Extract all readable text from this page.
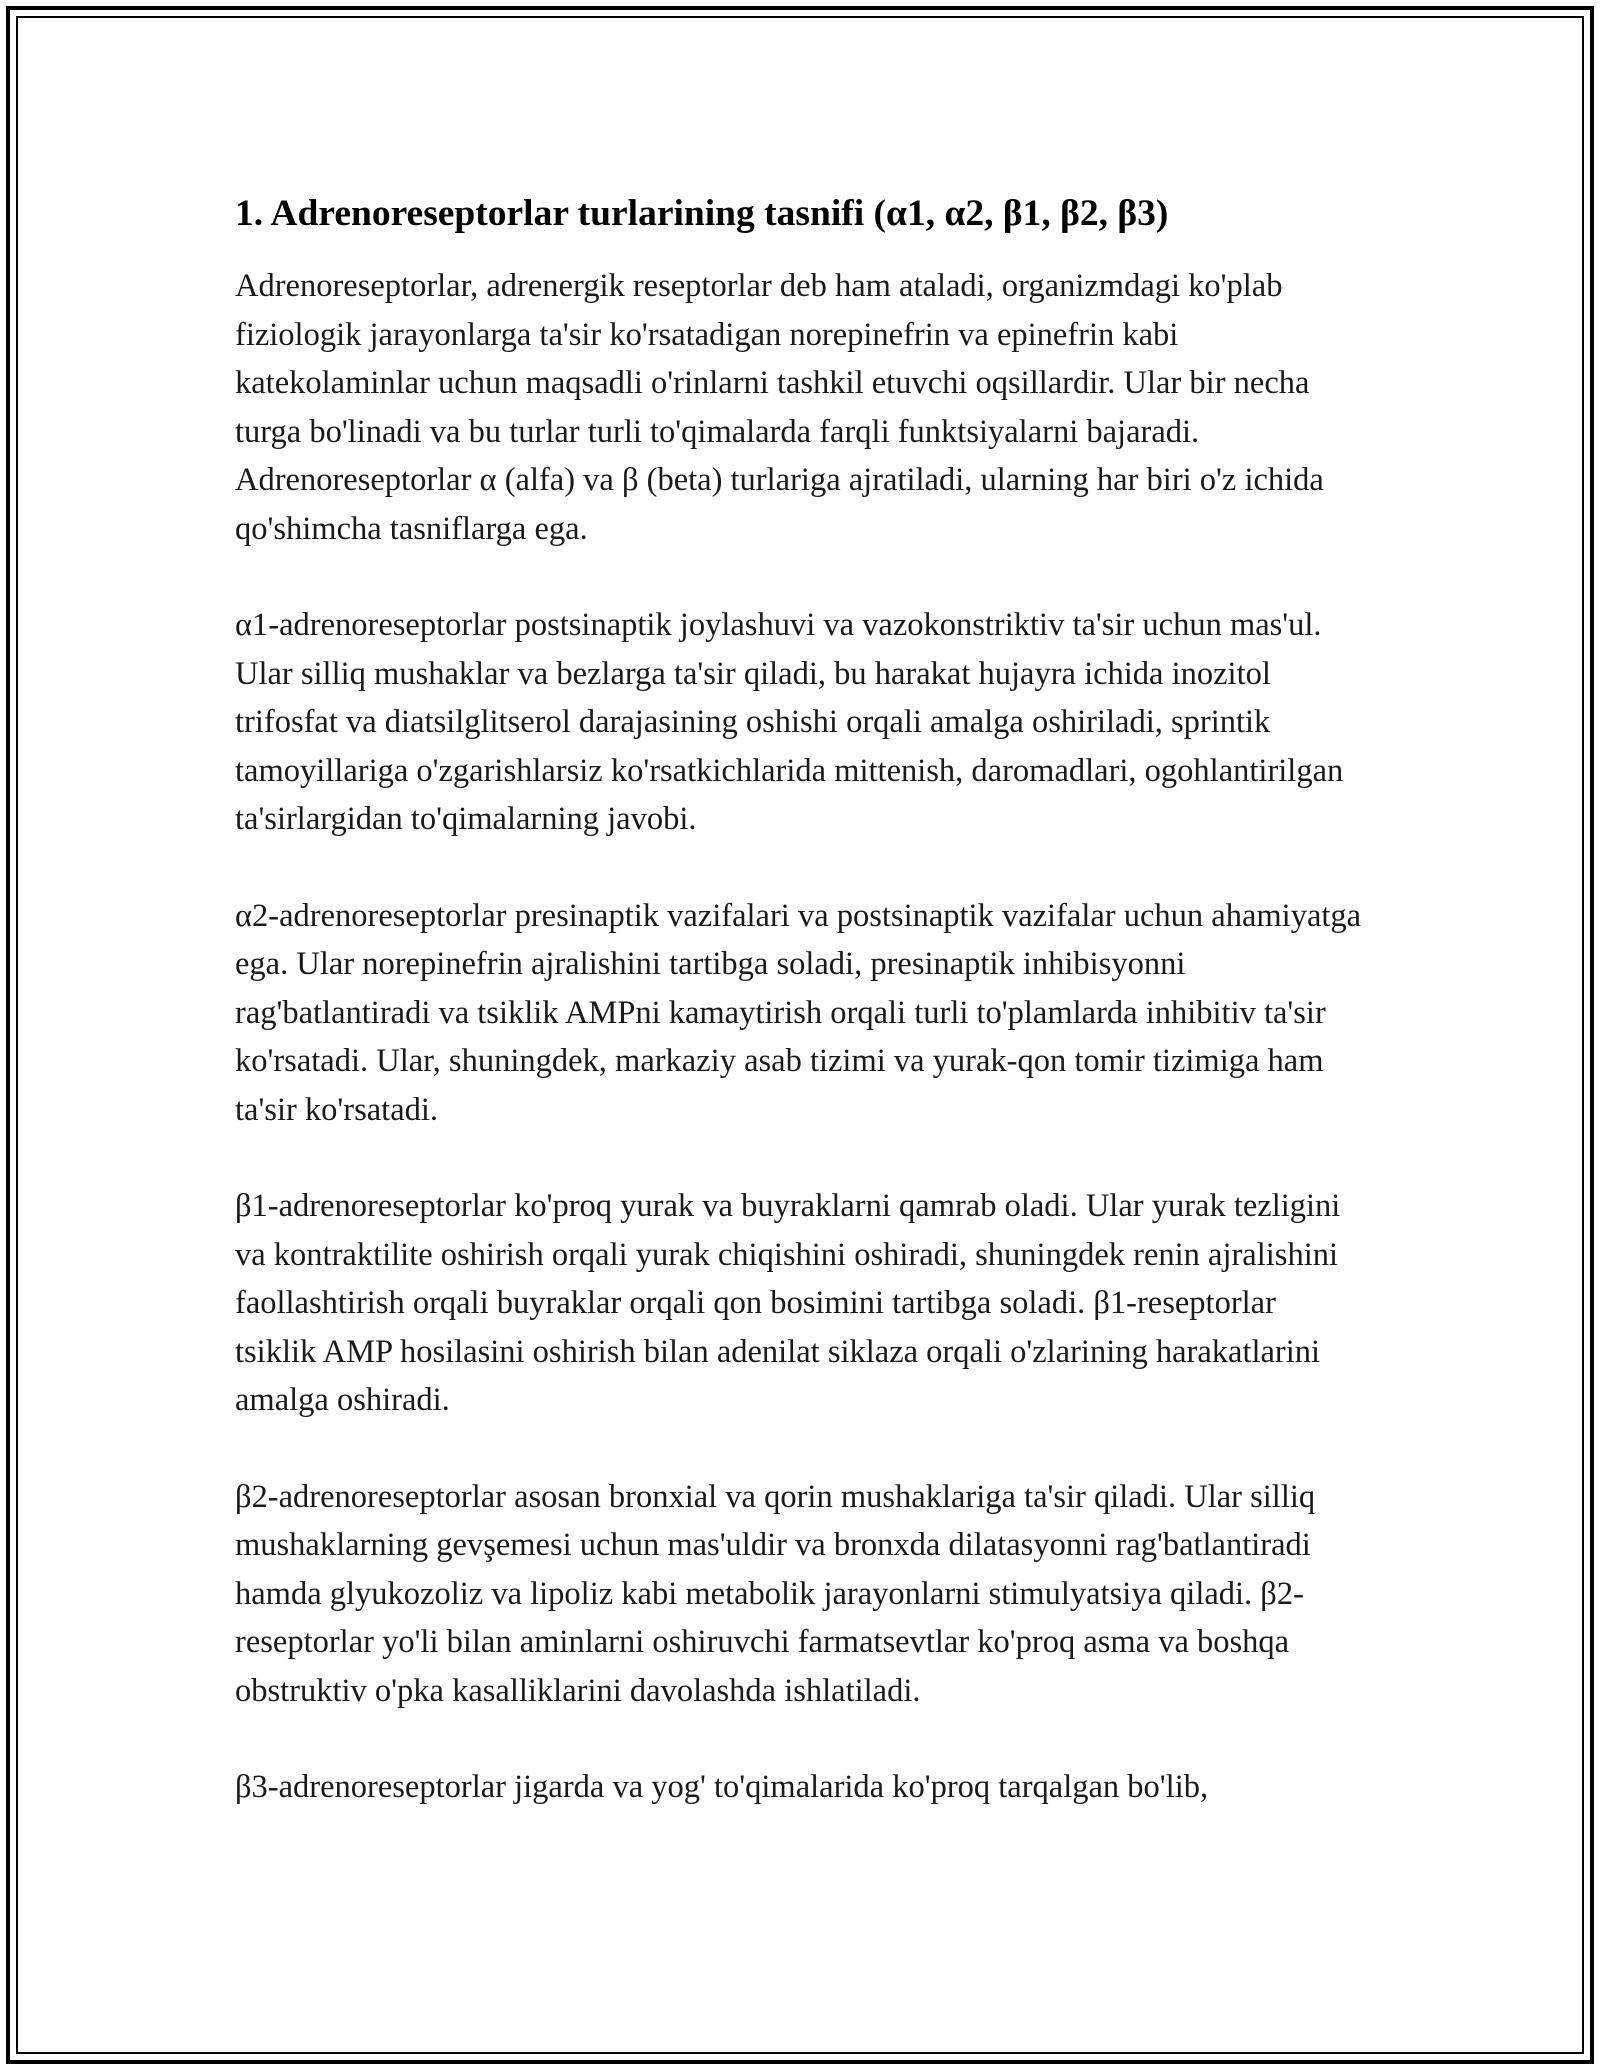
1. Adrenoreseptorlar turlarining tasnifi (α1, α2, β1, β2, β3)

Adrenoreseptorlar, adrenergik reseptorlar deb ham ataladi, organizmdagi ko'plab fiziologik jarayonlarga ta'sir ko'rsatadigan norepinefrin va epinefrin kabi katekolaminlar uchun maqsadli o'rinlarni tashkil etuvchi oqsillardir. Ular bir necha turga bo'linadi va bu turlar turli to'qimalarda farqli funktsiyalarni bajaradi. Adrenoreseptorlar α (alfa) va β (beta) turlariga ajratiladi, ularning har biri o'z ichida qo'shimcha tasniflarga ega.

α1-adrenoreseptorlar postsinaptik joylashuvi va vazokonstriktiv ta'sir uchun mas'ul. Ular silliq mushaklar va bezlarga ta'sir qiladi, bu harakat hujayra ichida inozitol trifosfat va diatsilglitserol darajasining oshishi orqali amalga oshiriladi, sprintik tamoyillariga o'zgarishlarsiz ko'rsatkichlarida mittenish, daromadlari, ogohlantirilgan ta'sirlargidan to'qimalarning javobi.

α2-adrenoreseptorlar presinaptik vazifalari va postsinaptik vazifalar uchun ahamiyatga ega. Ular norepinefrin ajralishini tartibga soladi, presinaptik inhibisyonni rag'batlantiradi va tsiklik AMPni kamaytirish orqali turli to'plamlarda inhibitiv ta'sir ko'rsatadi. Ular, shuningdek, markaziy asab tizimi va yurak-qon tomir tizimiga ham ta'sir ko'rsatadi.

β1-adrenoreseptorlar ko'proq yurak va buyraklarni qamrab oladi. Ular yurak tezligini va kontraktilite oshirish orqali yurak chiqishini oshiradi, shuningdek renin ajralishini faollashtirish orqali buyraklar orqali qon bosimini tartibga soladi. β1-reseptorlar tsiklik AMP hosilasini oshirish bilan adenilat siklaza orqali o'zlarining harakatlarini amalga oshiradi.

β2-adrenoreseptorlar asosan bronxial va qorin mushaklariga ta'sir qiladi. Ular silliq mushaklarning gevşemesi uchun mas'uldir va bronxda dilatasyonni rag'batlantiradi hamda glyukozoliz va lipoliz kabi metabolik jarayonlarni stimulyatsiya qiladi. β2-reseptorlar yo'li bilan aminlarni oshiruvchi farmatsevtlar ko'proq asma va boshqa obstruktiv o'pka kasalliklarini davolashda ishlatiladi.

β3-adrenoreseptorlar jigarda va yog' to'qimalarida ko'proq tarqalgan bo'lib,
